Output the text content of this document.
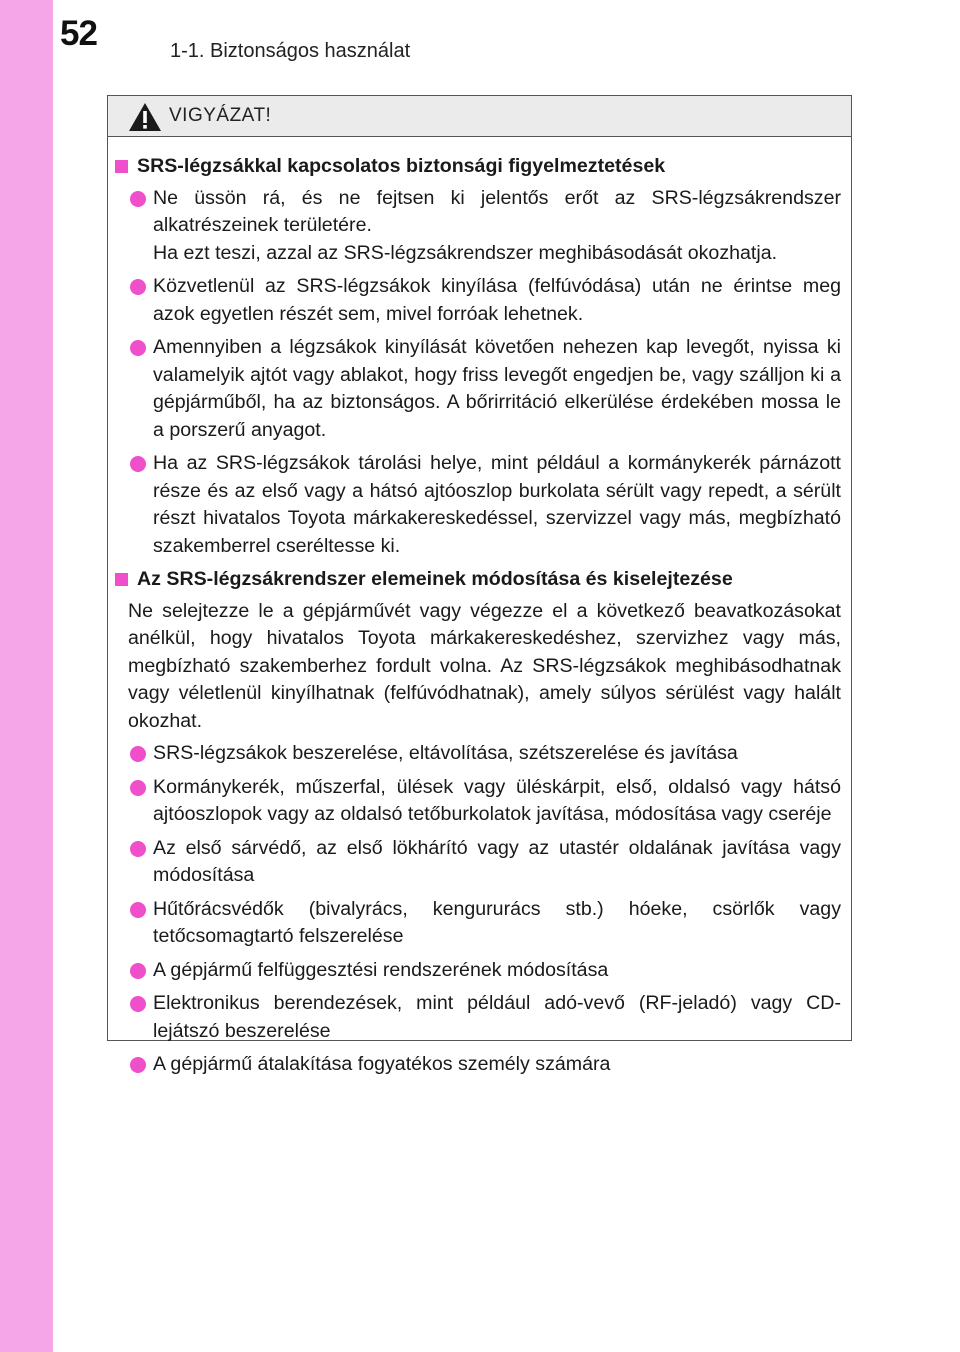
52	1-1. Biztonságos használat
VIGYÁZAT!
SRS-légzsákkal kapcsolatos biztonsági figyelmeztetések
Ne üssön rá, és ne fejtsen ki jelentős erőt az SRS-légzsákrendszer alkatrészeinek területére.
Ha ezt teszi, azzal az SRS-légzsákrendszer meghibásodását okozhatja.
Közvetlenül az SRS-légzsákok kinyílása (felfúvódása) után ne érintse meg azok egyetlen részét sem, mivel forróak lehetnek.
Amennyiben a légzsákok kinyílását követően nehezen kap levegőt, nyissa ki valamelyik ajtót vagy ablakot, hogy friss levegőt engedjen be, vagy szálljon ki a gépjárműből, ha az biztonságos. A bőrirritáció elkerülése érdekében mossa le a porszerű anyagot.
Ha az SRS-légzsákok tárolási helye, mint például a kormánykerék párnázott része és az első vagy a hátsó ajtóoszlop burkolata sérült vagy repedt, a sérült részt hivatalos Toyota márkakereskedéssel, szervizzel vagy más, megbízható szakemberrel cseréltesse ki.
Az SRS-légzsákrendszer elemeinek módosítása és kiselejtezése
Ne selejtezze le a gépjárművét vagy végezze el a következő beavatkozásokat anélkül, hogy hivatalos Toyota márkakereskedéshez, szervizhez vagy más, megbízható szakemberhez fordult volna. Az SRS-légzsákok meghibásodhatnak vagy véletlenül kinyílhatnak (felfúvódhatnak), amely súlyos sérülést vagy halált okozhat.
SRS-légzsákok beszerelése, eltávolítása, szétszerelése és javítása
Kormánykerék, műszerfal, ülések vagy üléskárpit, első, oldalsó vagy hátsó ajtóoszlopok vagy az oldalsó tetőburkolatok javítása, módosítása vagy cseréje
Az első sárvédő, az első lökhárító vagy az utastér oldalának javítása vagy módosítása
Hűtőrácsvédők (bivalyrács, kengururács stb.) hóeke, csörlők vagy tetőcsomagtartó felszerelése
A gépjármű felfüggesztési rendszerének módosítása
Elektronikus berendezések, mint például adó-vevő (RF-jeladó) vagy CD-lejátszó beszerelése
A gépjármű átalakítása fogyatékos személy számára
